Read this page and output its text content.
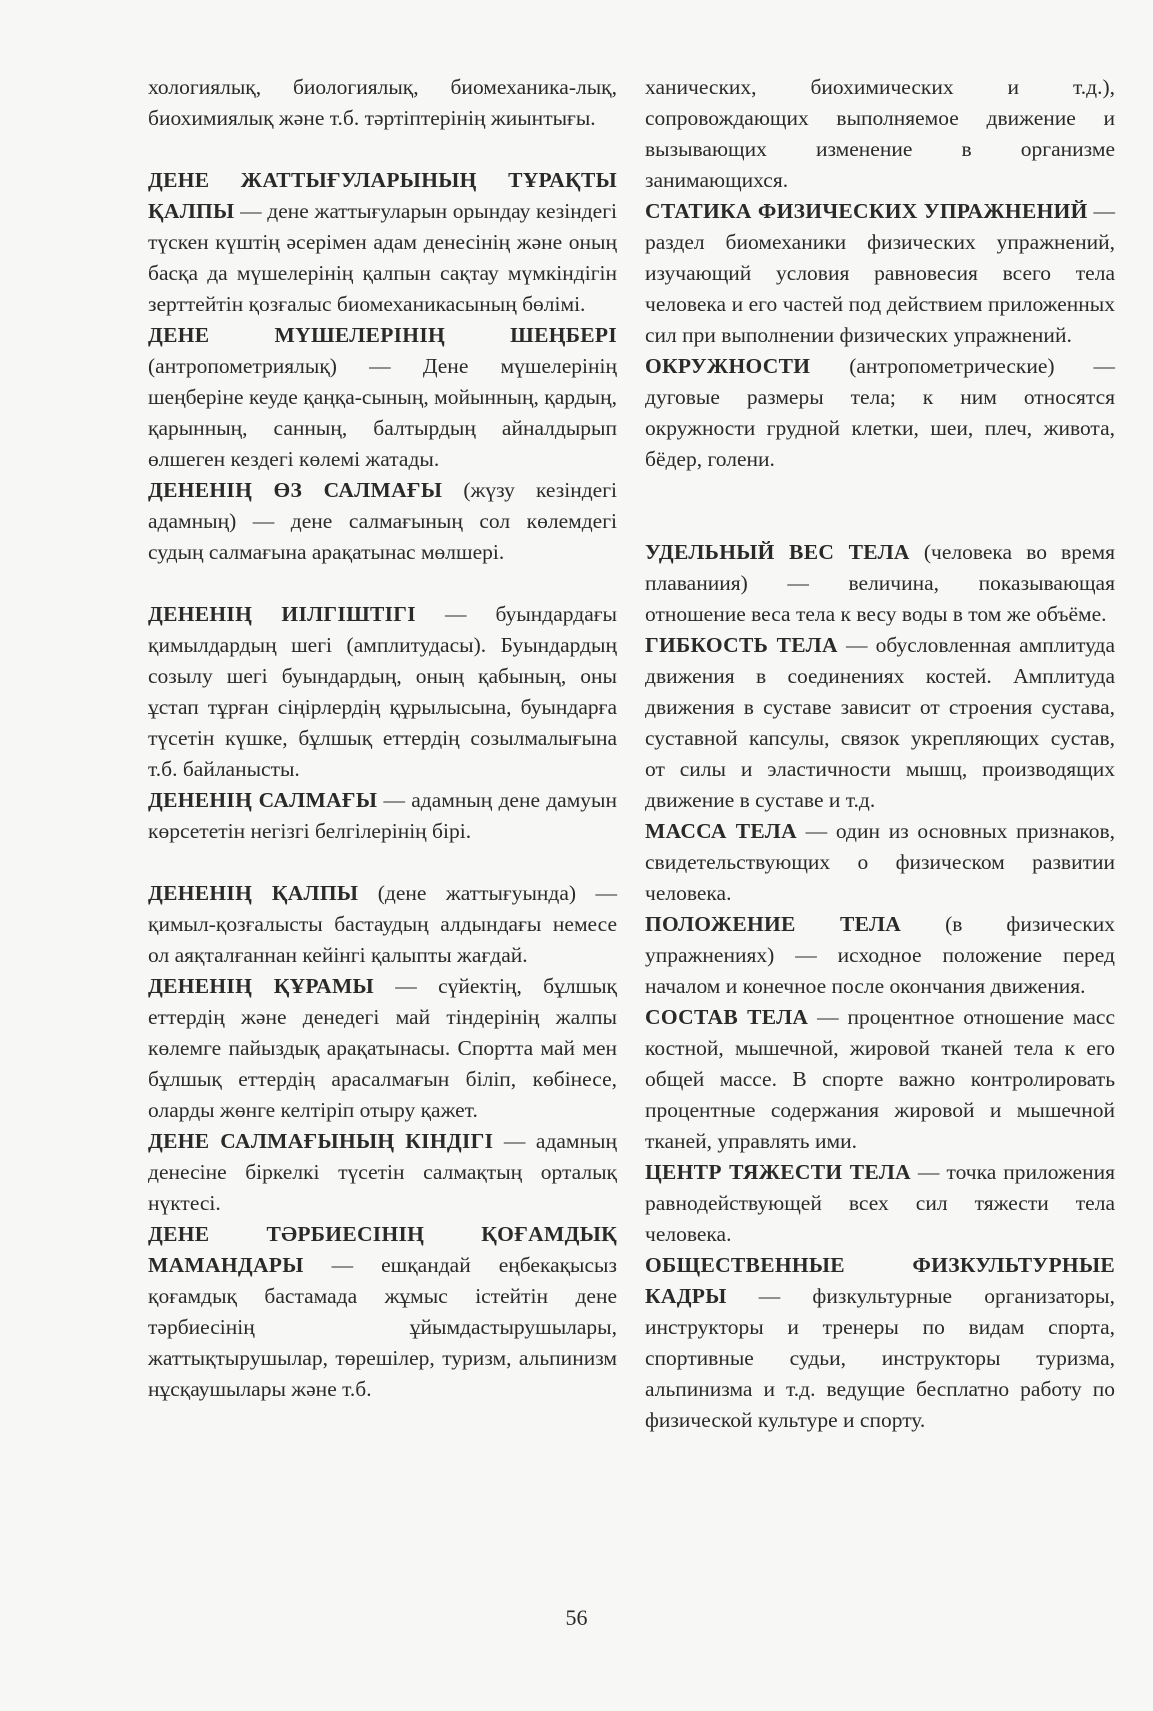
хологиялық, биологиялық, биомеханика-лық, биохимиялық және т.б. тәртіптерінің жиынтығы.

ДЕНЕ ЖАТТЫҒУЛАРЫНЫҢ ТҰРАҚТЫ ҚАЛПЫ — дене жаттығуларын орындау кезіндегі түскен күштің әсерімен адам денесінің және оның басқа да мүшелерінің қалпын сақтау мүмкіндігін зерттейтін қозғалыс биомеханикасының бөлімі.

ДЕНЕ МҮШЕЛЕРІНІҢ ШЕҢБЕРІ (антропометриялық) — Дене мүшелерінің шеңберіне кеуде қаңқа-сының, мойынның, қардың, қарынның, санның, балтырдың айналдырып өлшеген кездегі көлемі жатады.

ДЕНЕНІҢ ӨЗ САЛМАҒЫ (жүзу кезіндегі адамның) — дене салмағының сол көлемдегі судың салмағына арақатынас мөлшері.

ДЕНЕНІҢ ИІЛГІШТІГІ — буындардағы қимылдардың шегі (амплитудасы). Буындардың созылу шегі буындардың, оның қабының, оны ұстап тұрған сіңірлердің құрылысына, буындарға түсетін күшке, бұлшық еттердің созылмалығына т.б. байланысты.

ДЕНЕНІҢ САЛМАҒЫ — адамның дене дамуын көрсететін негізгі белгілерінің бірі.

ДЕНЕНІҢ ҚАЛПЫ (дене жаттығуында) — қимыл-қозғалысты бастаудың алдындағы немесе ол аяқталғаннан кейінгі қалыпты жағдай.

ДЕНЕНІҢ ҚҰРАМЫ — сүйектің, бұлшық еттердің және денедегі май тіндерінің жалпы көлемге пайыздық арақатынасы. Спортта май мен бұлшық еттердің арасалмағын біліп, көбінесе, оларды жөнге келтіріп отыру қажет.

ДЕНЕ САЛМАҒЫНЫҢ КІНДІГІ — адамның денесіне біркелкі түсетін салмақтың орталық нүктесі.

ДЕНЕ ТӘРБИЕСІНІҢ ҚОҒАМДЫҚ МАМАНДАРЫ — ешқандай еңбекақысыз қоғамдық бастамада жұмыс істейтін дене тәрбиесінің ұйымдастырушылары, жаттықтырушылар, төрешілер, туризм, альпинизм нұсқаушылары және т.б.

ханических, биохимических и т.д.), сопровождающих выполняемое движение и вызывающих изменение в организме занимающихся.

СТАТИКА ФИЗИЧЕСКИХ УПРАЖНЕНИЙ — раздел биомеханики физических упражнений, изучающий условия равновесия всего тела человека и его частей под действием приложенных сил при выполнении физических упражнений.

ОКРУЖНОСТИ (антропометрические) — дуговые размеры тела; к ним относятся окружности грудной клетки, шеи, плеч, живота, бёдер, голени.

УДЕЛЬНЫЙ ВЕС ТЕЛА (человека во время плаваниия) — величина, показывающая отношение веса тела к весу воды в том же объёме.

ГИБКОСТЬ ТЕЛА — обусловленная амплитуда движения в соединениях костей. Амплитуда движения в суставе зависит от строения сустава, суставной капсулы, связок укрепляющих сустав, от силы и эластичности мышц, производящих движение в суставе и т.д.

МАССА ТЕЛА — один из основных признаков, свидетельствующих о физическом развитии человека.

ПОЛОЖЕНИЕ ТЕЛА (в физических упражнениях) — исходное положение перед началом и конечное после окончания движения.

СОСТАВ ТЕЛА — процентное отношение масс костной, мышечной, жировой тканей тела к его общей массе. В спорте важно контролировать процентные содержания жировой и мышечной тканей, управлять ими.

ЦЕНТР ТЯЖЕСТИ ТЕЛА — точка приложения равнодействующей всех сил тяжести тела человека.

ОБЩЕСТВЕННЫЕ ФИЗКУЛЬТУРНЫЕ КАДРЫ — физкультурные организаторы, инструкторы и тренеры по видам спорта, спортивные судьи, инструкторы туризма, альпинизма и т.д. ведущие бесплатно работу по физической культуре и спорту.

56
